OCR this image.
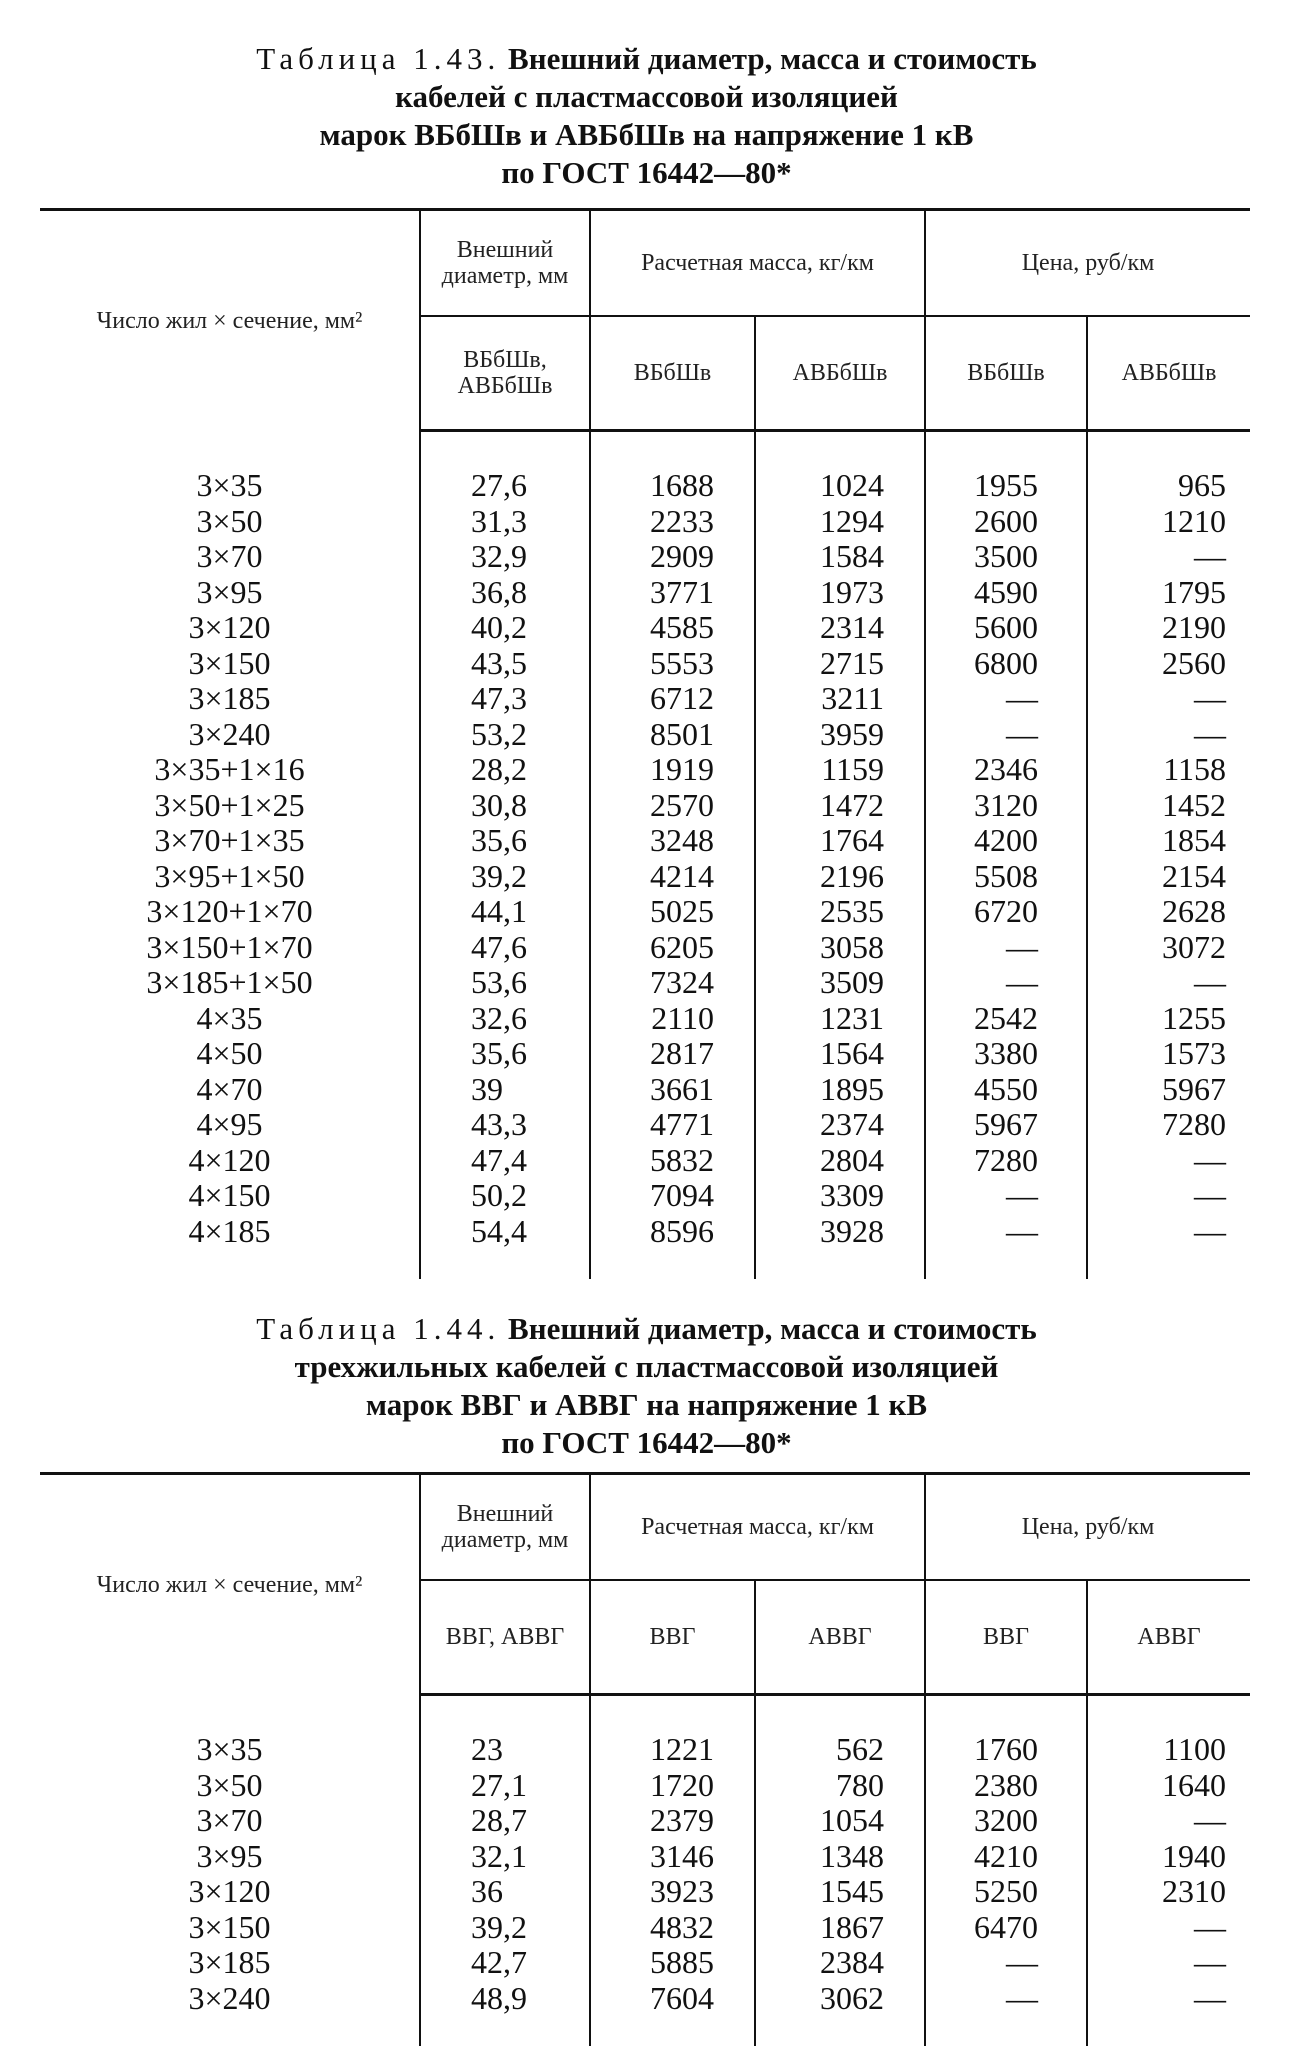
Таблица 1.43. Внешний диаметр, масса и стоимость
кабелей с пластмассовой изоляцией
марок ВБбШв и АВБбШв на напряжение 1 кВ
по ГОСТ 16442—80*

Число жил × сечение, мм²	Внешний диаметр, мм	Расчетная масса, кг/км		Цена, руб/км	
	ВБбШв, АВБбШв	ВБбШв	АВБбШв	ВБбШв	АВБбШв

3×35	27,6	1688	1024	1955	965
3×50	31,3	2233	1294	2600	1210
3×70	32,9	2909	1584	3500	—
3×95	36,8	3771	1973	4590	1795
3×120	40,2	4585	2314	5600	2190
3×150	43,5	5553	2715	6800	2560
3×185	47,3	6712	3211	—	—
3×240	53,2	8501	3959	—	—
3×35+1×16	28,2	1919	1159	2346	1158
3×50+1×25	30,8	2570	1472	3120	1452
3×70+1×35	35,6	3248	1764	4200	1854
3×95+1×50	39,2	4214	2196	5508	2154
3×120+1×70	44,1	5025	2535	6720	2628
3×150+1×70	47,6	6205	3058	—	3072
3×185+1×50	53,6	7324	3509	—	—
4×35	32,6	2110	1231	2542	1255
4×50	35,6	2817	1564	3380	1573
4×70	39	3661	1895	4550	5967
4×95	43,3	4771	2374	5967	7280
4×120	47,4	5832	2804	7280	—
4×150	50,2	7094	3309	—	—
4×185	54,4	8596	3928	—	—

Таблица 1.44. Внешний диаметр, масса и стоимость
трехжильных кабелей с пластмассовой изоляцией
марок ВВГ и АВВГ на напряжение 1 кВ
по ГОСТ 16442—80*

Число жил × сечение, мм²	Внешний диаметр, мм	Расчетная масса, кг/км		Цена, руб/км	
	ВВГ, АВВГ	ВВГ	АВВГ	ВВГ	АВВГ

3×35	23	1221	562	1760	1100
3×50	27,1	1720	780	2380	1640
3×70	28,7	2379	1054	3200	—
3×95	32,1	3146	1348	4210	1940
3×120	36	3923	1545	5250	2310
3×150	39,2	4832	1867	6470	—
3×185	42,7	5885	2384	—	—
3×240	48,9	7604	3062	—	—
